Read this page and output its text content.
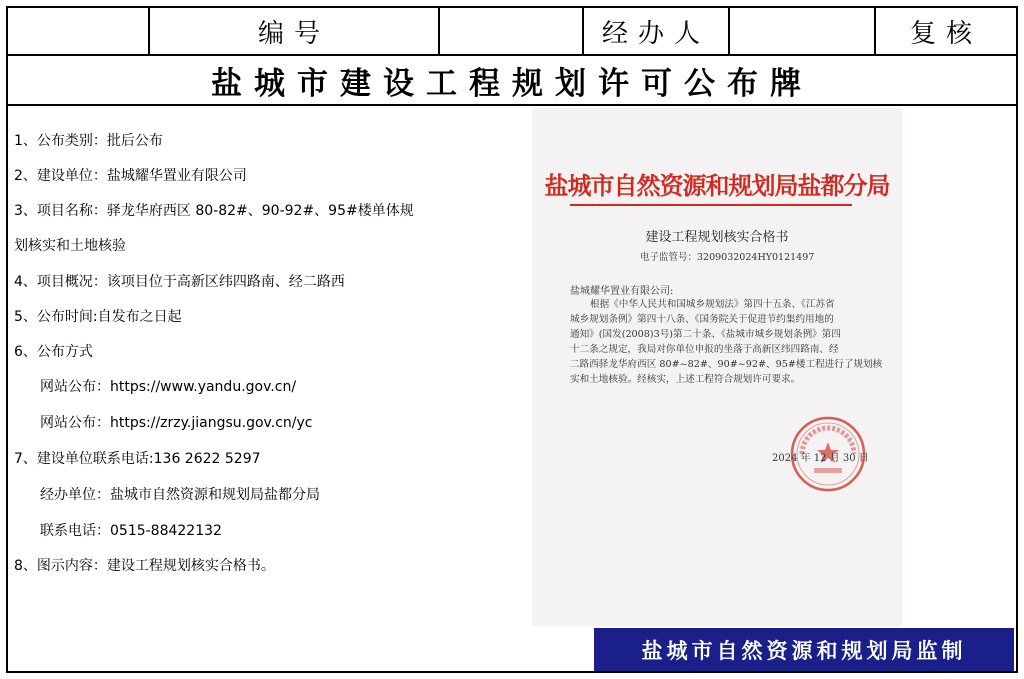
编号	经办人	复核
盐城市建设工程规划许可公布牌
1、公布类别：批后公布
2、建设单位：盐城耀华置业有限公司
3、项目名称：驿龙华府西区 80-82#、90-92#、95#楼单体规
划核实和土地核验
4、项目概况：该项目位于高新区纬四路南、经二路西
5、公布时间:自发布之日起
6、公布方式
网站公布：https://www.yandu.gov.cn/
网站公布：https://zrzy.jiangsu.gov.cn/yc
7、建设单位联系电话:136 2622 5297
经办单位：盐城市自然资源和规划局盐都分局
联系电话：0515-88422132
8、图示内容：建设工程规划核实合格书。
盐城市自然资源和规划局盐都分局
建设工程规划核实合格书
电子监管号：3209032024HY0121497
盐城耀华置业有限公司:
根据《中华人民共和国城乡规划法》第四十五条、《江苏省
城乡规划条例》第四十八条、《国务院关于促进节约集约用地的
通知》(国发(2008)3号)第二十条、《盐城市城乡规划条例》第四
十二条之规定，我局对你单位申报的坐落于高新区纬四路南、经
二路西驿龙华府西区 80#~82#、90#~92#、95#楼工程进行了规划核
实和土地核验。经核实，上述工程符合规划许可要求。
2024 年 12 月 30 日
盐城市自然资源和规划局监制
